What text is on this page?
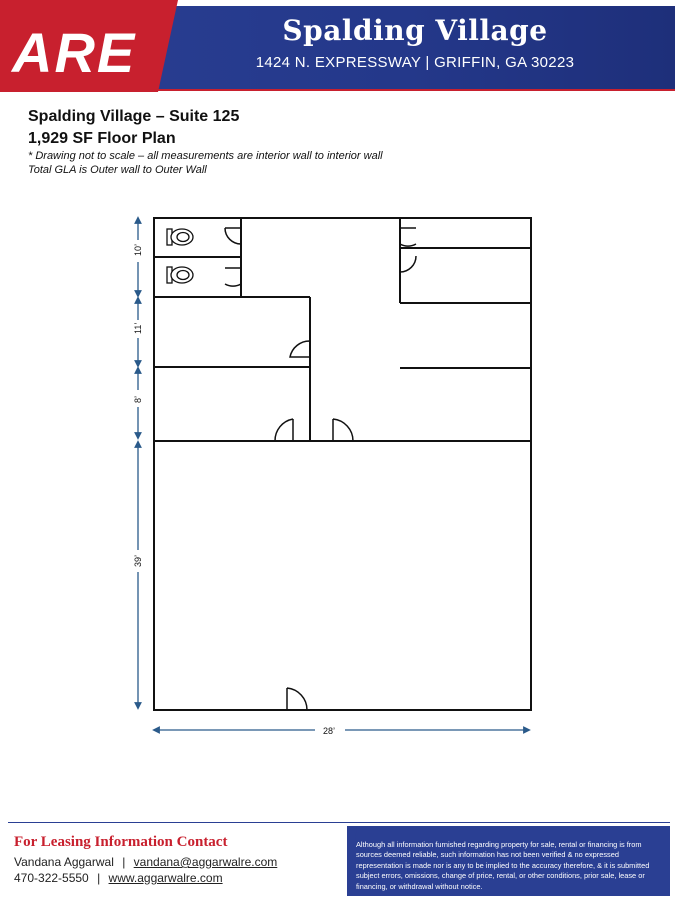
ARE	Spalding Village
1424 N. EXPRESSWAY | GRIFFIN, GA 30223
Spalding Village – Suite 125
1,929 SF Floor Plan
* Drawing not to scale – all measurements are interior wall to interior wall
Total GLA is Outer wall to Outer Wall
10’
11’
8’
39’
28’
For Leasing Information Contact
Vandana Aggarwal | vandana@aggarwalre.com
470-322-5550 | www.aggarwalre.com
Although all information furnished regarding property for sale, rental or financing is from sources deemed reliable, such information has not been verified & no expressed representation is made nor is any to be implied to the accuracy therefore, & it is submitted subject errors, omissions, change of price, rental, or other conditions, prior sale, lease or financing, or withdrawal without notice.
